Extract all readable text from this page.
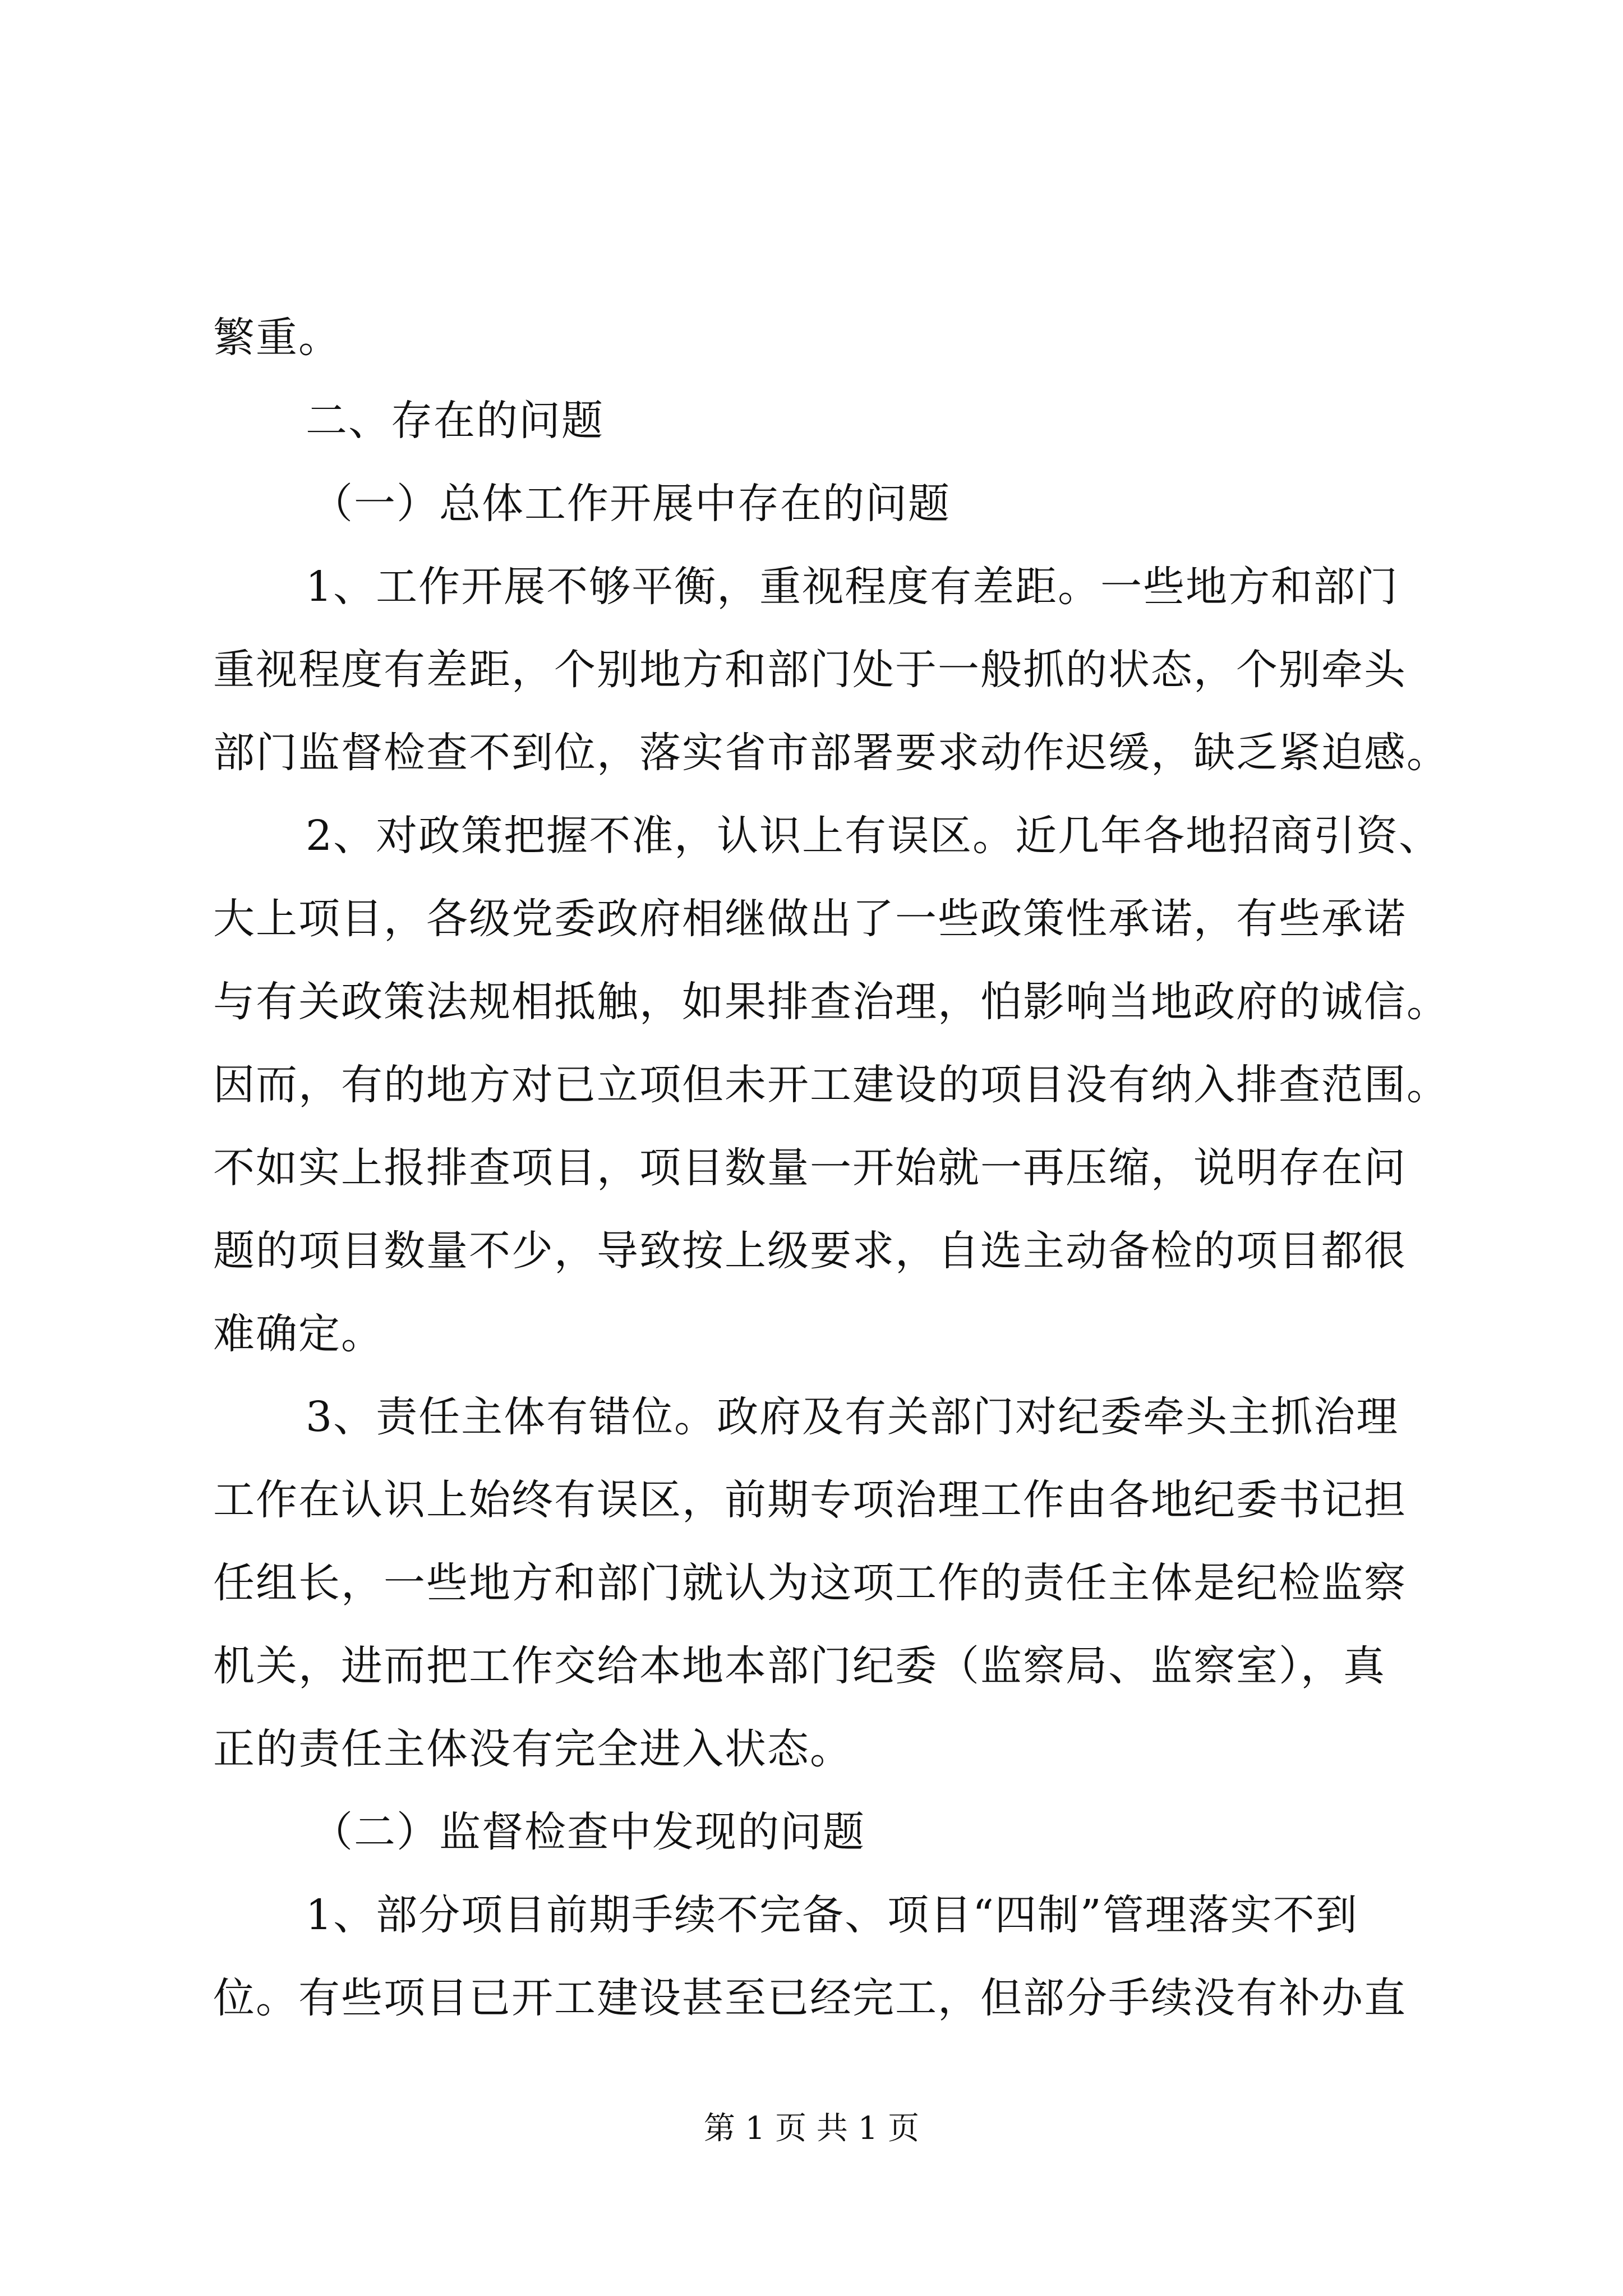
繁重。
二、存在的问题
（一）总体工作开展中存在的问题
1、工作开展不够平衡，重视程度有差距。一些地方和部门
重视程度有差距，个别地方和部门处于一般抓的状态，个别牵头
部门监督检查不到位，落实省市部署要求动作迟缓，缺乏紧迫感。
2、对政策把握不准，认识上有误区。近几年各地招商引资、
大上项目，各级党委政府相继做出了一些政策性承诺，有些承诺
与有关政策法规相抵触，如果排查治理，怕影响当地政府的诚信。
因而，有的地方对已立项但未开工建设的项目没有纳入排查范围。
不如实上报排查项目，项目数量一开始就一再压缩，说明存在问
题的项目数量不少，导致按上级要求，自选主动备检的项目都很
难确定。
3、责任主体有错位。政府及有关部门对纪委牵头主抓治理
工作在认识上始终有误区，前期专项治理工作由各地纪委书记担
任组长，一些地方和部门就认为这项工作的责任主体是纪检监察
机关，进而把工作交给本地本部门纪委（监察局、监察室），真
正的责任主体没有完全进入状态。
（二）监督检查中发现的问题
1、部分项目前期手续不完备、项目“四制”管理落实不到
位。有些项目已开工建设甚至已经完工，但部分手续没有补办直
第 1 页 共 1 页
